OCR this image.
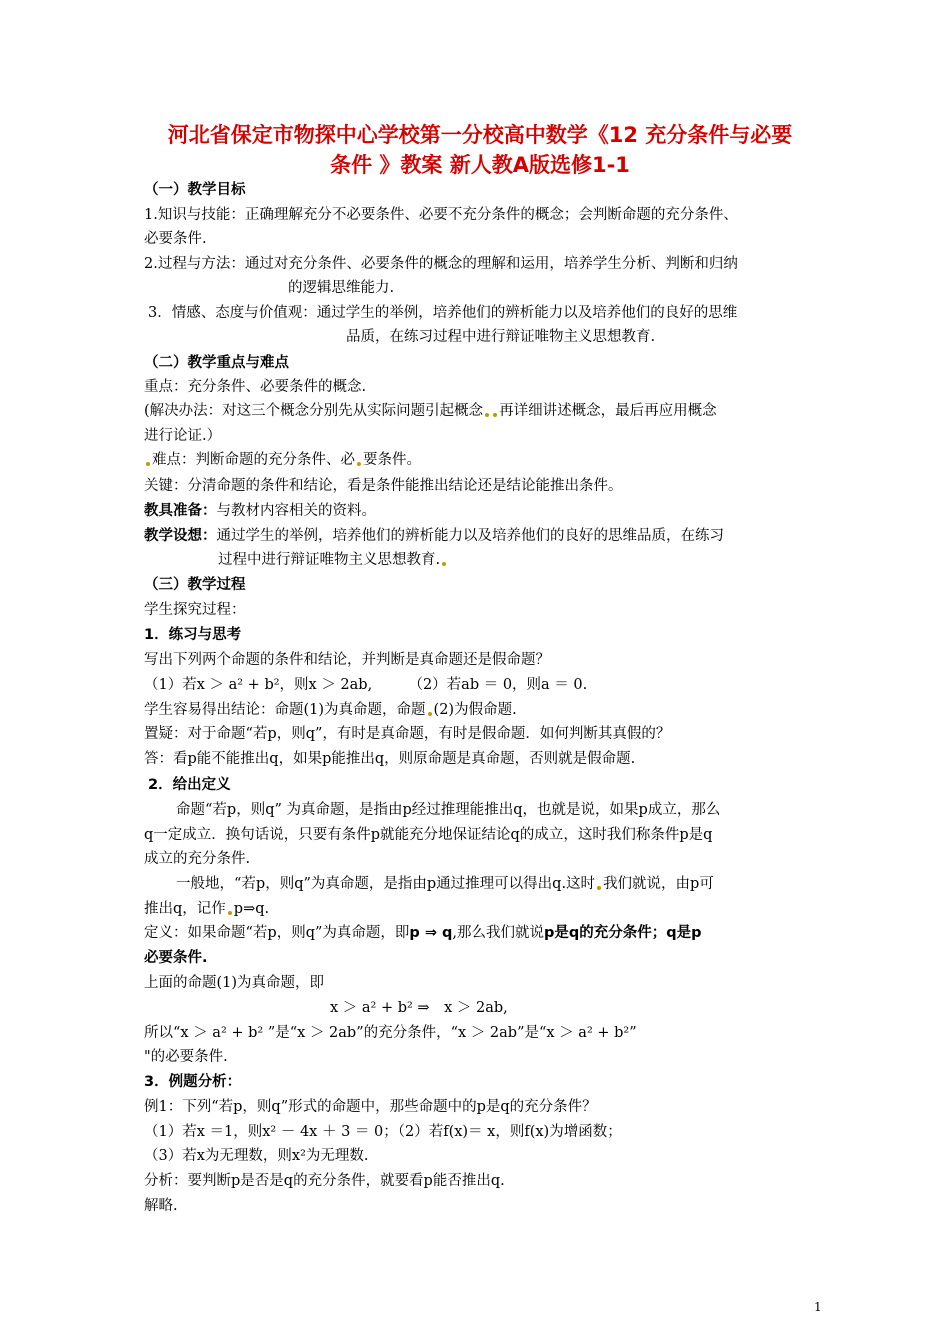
河北省保定市物探中心学校第一分校高中数学《12 充分条件与必要
条件 》教案 新人教A版选修1-1
（一）教学目标
1.知识与技能：正确理解充分不必要条件、必要不充分条件的概念；会判断命题的充分条件、
必要条件.
2.过程与方法：通过对充分条件、必要条件的概念的理解和运用，培养学生分析、判断和归纳
的逻辑思维能力.
3．情感、态度与价值观：通过学生的举例，培养他们的辨析能力以及培养他们的良好的思维
品质，在练习过程中进行辩证唯物主义思想教育.
（二）教学重点与难点
重点：充分条件、必要条件的概念.
(解决办法：对这三个概念分别先从实际问题引起概念 再详细讲述概念，最后再应用概念
进行论证.）
难点：判断命题的充分条件、必 要条件。
关键：分清命题的条件和结论，看是条件能推出结论还是结论能推出条件。
教具准备：与教材内容相关的资料。
教学设想：通过学生的举例，培养他们的辨析能力以及培养他们的良好的思维品质，在练习
过程中进行辩证唯物主义思想教育.
（三）教学过程
学生探究过程：
1．练习与思考
写出下列两个命题的条件和结论，并判断是真命题还是假命题？
（1）若x ＞ a² + b²，则x ＞ 2ab,　　　（2）若ab ＝ 0，则a ＝ 0.
学生容易得出结论：命题(1)为真命题，命题 (2)为假命题.
置疑：对于命题“若p，则q”，有时是真命题，有时是假命题．如何判断其真假的？
答：看p能不能推出q，如果p能推出q，则原命题是真命题，否则就是假命题.
2．给出定义
命题“若p，则q” 为真命题，是指由p经过推理能推出q，也就是说，如果p成立，那么
q一定成立．换句话说，只要有条件p就能充分地保证结论q的成立，这时我们称条件p是q
成立的充分条件.
一般地，“若p，则q”为真命题，是指由p通过推理可以得出q.这时 我们就说，由p可
推出q，记作 p⇒q.
定义：如果命题“若p，则q”为真命题，即p ⇒ q,那么我们就说p是q的充分条件；q是p
必要条件.
上面的命题(1)为真命题，即
x ＞ a² + b² ⇒　x ＞ 2ab,
所以“x ＞ a² + b² ”是“x ＞ 2ab”的充分条件，“x ＞ 2ab”是“x ＞ a² + b²”
"的必要条件.
3．例题分析：
例1：下列“若p，则q”形式的命题中，那些命题中的p是q的充分条件？
（1）若x ＝1，则x² － 4x ＋ 3 ＝ 0；（2）若f(x)＝ x，则f(x)为增函数；
（3）若x为无理数，则x²为无理数.
分析：要判断p是否是q的充分条件，就要看p能否推出q.
解略.
1
